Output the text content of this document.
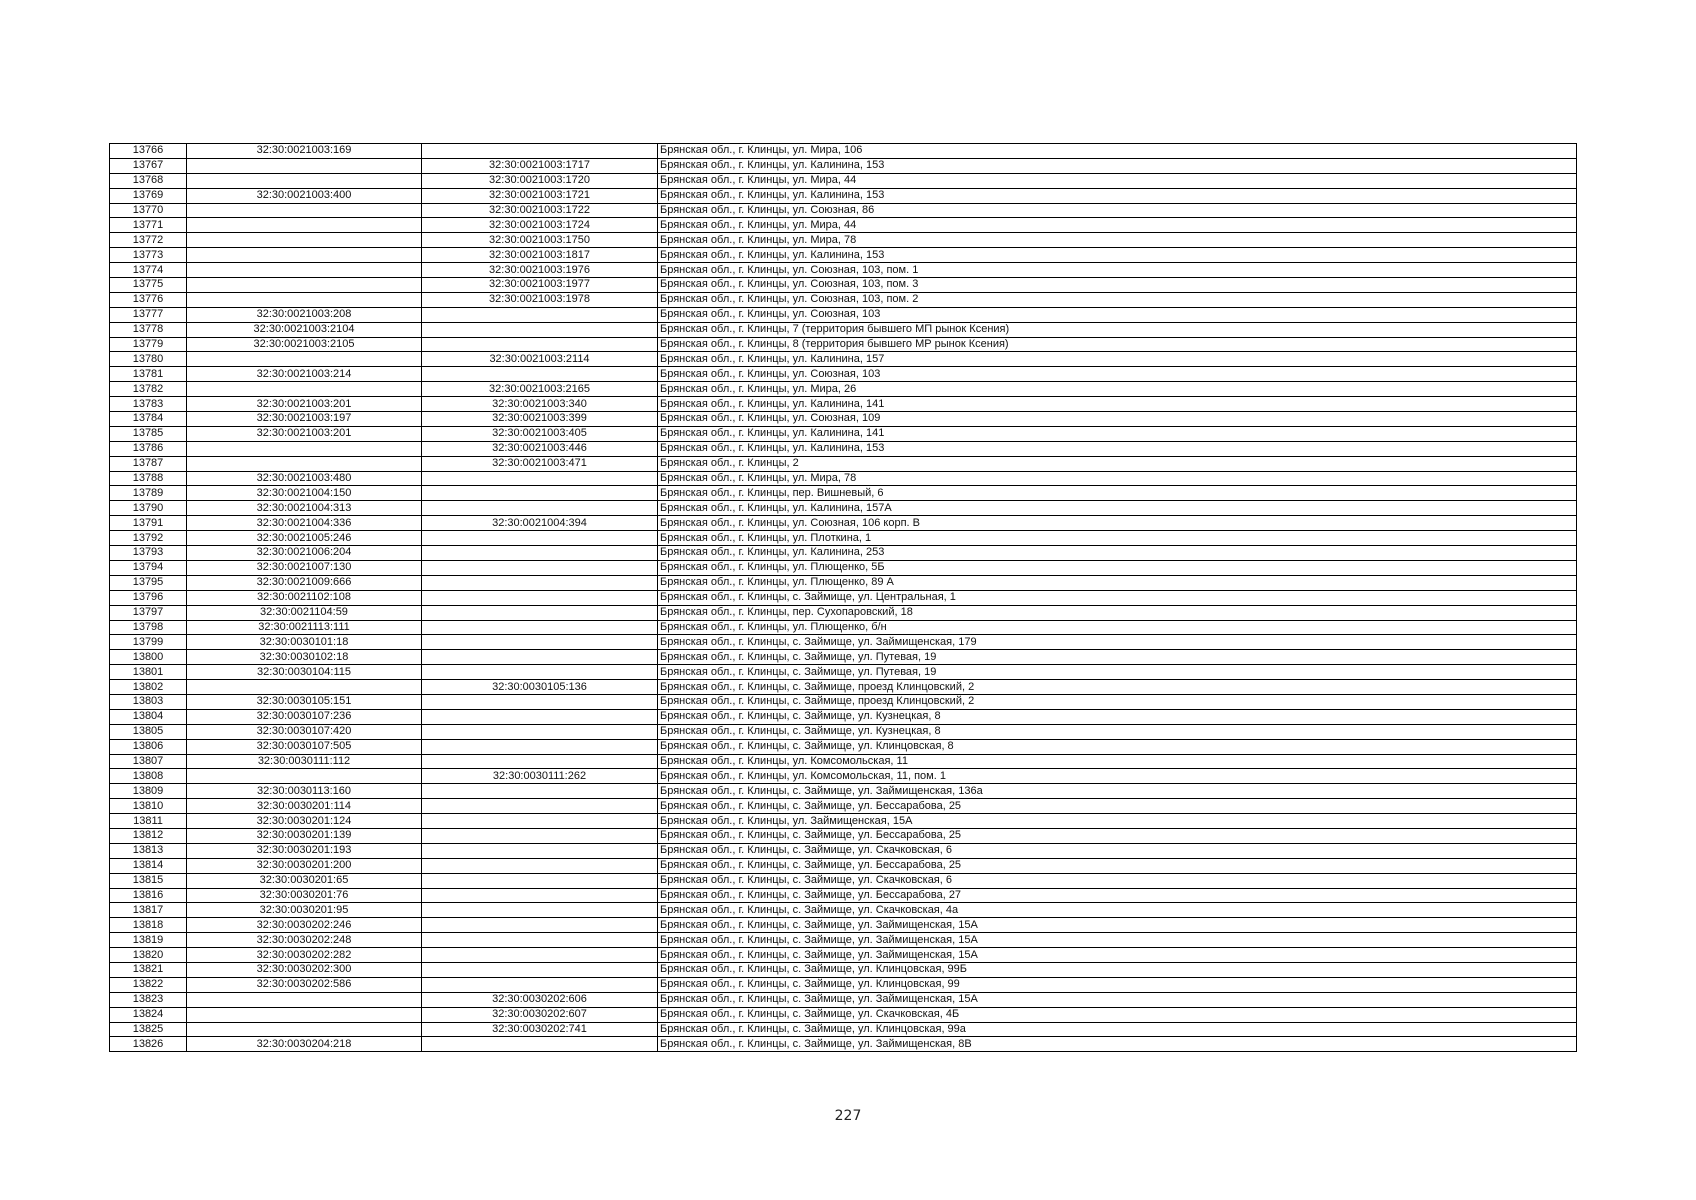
13766	32:30:0021003:169		Брянская обл., г. Клинцы, ул. Мира, 106
13767		32:30:0021003:1717	Брянская обл., г. Клинцы, ул. Калинина, 153
13768		32:30:0021003:1720	Брянская обл., г. Клинцы, ул. Мира, 44
13769	32:30:0021003:400	32:30:0021003:1721	Брянская обл., г. Клинцы, ул. Калинина, 153
13770		32:30:0021003:1722	Брянская обл., г. Клинцы, ул. Союзная, 86
13771		32:30:0021003:1724	Брянская обл., г. Клинцы, ул. Мира, 44
13772		32:30:0021003:1750	Брянская обл., г. Клинцы, ул. Мира, 78
13773		32:30:0021003:1817	Брянская обл., г. Клинцы, ул. Калинина, 153
13774		32:30:0021003:1976	Брянская обл., г. Клинцы, ул. Союзная, 103, пом. 1
13775		32:30:0021003:1977	Брянская обл., г. Клинцы, ул. Союзная, 103, пом. 3
13776		32:30:0021003:1978	Брянская обл., г. Клинцы, ул. Союзная, 103, пом. 2
13777	32:30:0021003:208		Брянская обл., г. Клинцы, ул. Союзная, 103
13778	32:30:0021003:2104		Брянская обл., г. Клинцы, 7 (территория бывшего МП рынок Ксения)
13779	32:30:0021003:2105		Брянская обл., г. Клинцы, 8 (территория бывшего МР рынок Ксения)
13780		32:30:0021003:2114	Брянская обл., г. Клинцы, ул. Калинина, 157
13781	32:30:0021003:214		Брянская обл., г. Клинцы, ул. Союзная, 103
13782		32:30:0021003:2165	Брянская обл., г. Клинцы, ул. Мира, 26
13783	32:30:0021003:201	32:30:0021003:340	Брянская обл., г. Клинцы, ул. Калинина, 141
13784	32:30:0021003:197	32:30:0021003:399	Брянская обл., г. Клинцы, ул. Союзная, 109
13785	32:30:0021003:201	32:30:0021003:405	Брянская обл., г. Клинцы, ул. Калинина, 141
13786		32:30:0021003:446	Брянская обл., г. Клинцы, ул. Калинина, 153
13787		32:30:0021003:471	Брянская обл., г. Клинцы, 2
13788	32:30:0021003:480		Брянская обл., г. Клинцы, ул. Мира, 78
13789	32:30:0021004:150		Брянская обл., г. Клинцы, пер. Вишневый, 6
13790	32:30:0021004:313		Брянская обл., г. Клинцы, ул. Калинина, 157А
13791	32:30:0021004:336	32:30:0021004:394	Брянская обл., г. Клинцы, ул. Союзная, 106 корп. В
13792	32:30:0021005:246		Брянская обл., г. Клинцы, ул. Плоткина, 1
13793	32:30:0021006:204		Брянская обл., г. Клинцы, ул. Калинина, 253
13794	32:30:0021007:130		Брянская обл., г. Клинцы, ул. Плющенко, 5Б
13795	32:30:0021009:666		Брянская обл., г. Клинцы, ул. Плющенко, 89 А
13796	32:30:0021102:108		Брянская обл., г. Клинцы, с. Займище, ул. Центральная, 1
13797	32:30:0021104:59		Брянская обл., г. Клинцы, пер. Сухопаровский, 18
13798	32:30:0021113:111		Брянская обл., г. Клинцы, ул. Плющенко, б/н
13799	32:30:0030101:18		Брянская обл., г. Клинцы, с. Займище, ул. Займищенская, 179
13800	32:30:0030102:18		Брянская обл., г. Клинцы, с. Займище, ул. Путевая, 19
13801	32:30:0030104:115		Брянская обл., г. Клинцы, с. Займище, ул. Путевая, 19
13802		32:30:0030105:136	Брянская обл., г. Клинцы, с. Займище, проезд Клинцовский, 2
13803	32:30:0030105:151		Брянская обл., г. Клинцы, с. Займище, проезд Клинцовский, 2
13804	32:30:0030107:236		Брянская обл., г. Клинцы, с. Займище, ул. Кузнецкая, 8
13805	32:30:0030107:420		Брянская обл., г. Клинцы, с. Займище, ул. Кузнецкая, 8
13806	32:30:0030107:505		Брянская обл., г. Клинцы, с. Займище, ул. Клинцовская, 8
13807	32:30:0030111:112		Брянская обл., г. Клинцы, ул. Комсомольская, 11
13808		32:30:0030111:262	Брянская обл., г. Клинцы, ул. Комсомольская, 11, пом. 1
13809	32:30:0030113:160		Брянская обл., г. Клинцы, с. Займище, ул. Займищенская, 136а
13810	32:30:0030201:114		Брянская обл., г. Клинцы, с. Займище, ул. Бессарабова, 25
13811	32:30:0030201:124		Брянская обл., г. Клинцы, ул. Займищенская, 15А
13812	32:30:0030201:139		Брянская обл., г. Клинцы, с. Займище, ул. Бессарабова, 25
13813	32:30:0030201:193		Брянская обл., г. Клинцы, с. Займище, ул. Скачковская, 6
13814	32:30:0030201:200		Брянская обл., г. Клинцы, с. Займище, ул. Бессарабова, 25
13815	32:30:0030201:65		Брянская обл., г. Клинцы, с. Займище, ул. Скачковская, 6
13816	32:30:0030201:76		Брянская обл., г. Клинцы, с. Займище, ул. Бессарабова, 27
13817	32:30:0030201:95		Брянская обл., г. Клинцы, с. Займище, ул. Скачковская, 4а
13818	32:30:0030202:246		Брянская обл., г. Клинцы, с. Займище, ул. Займищенская, 15А
13819	32:30:0030202:248		Брянская обл., г. Клинцы, с. Займище, ул. Займищенская, 15А
13820	32:30:0030202:282		Брянская обл., г. Клинцы, с. Займище, ул. Займищенская, 15А
13821	32:30:0030202:300		Брянская обл., г. Клинцы, с. Займище, ул. Клинцовская, 99Б
13822	32:30:0030202:586		Брянская обл., г. Клинцы, с. Займище, ул. Клинцовская, 99
13823		32:30:0030202:606	Брянская обл., г. Клинцы, с. Займище, ул. Займищенская, 15А
13824		32:30:0030202:607	Брянская обл., г. Клинцы, с. Займище, ул. Скачковская, 4Б
13825		32:30:0030202:741	Брянская обл., г. Клинцы, с. Займище, ул. Клинцовская, 99а
13826	32:30:0030204:218		Брянская обл., г. Клинцы, с. Займище, ул. Займищенская, 8В
227
